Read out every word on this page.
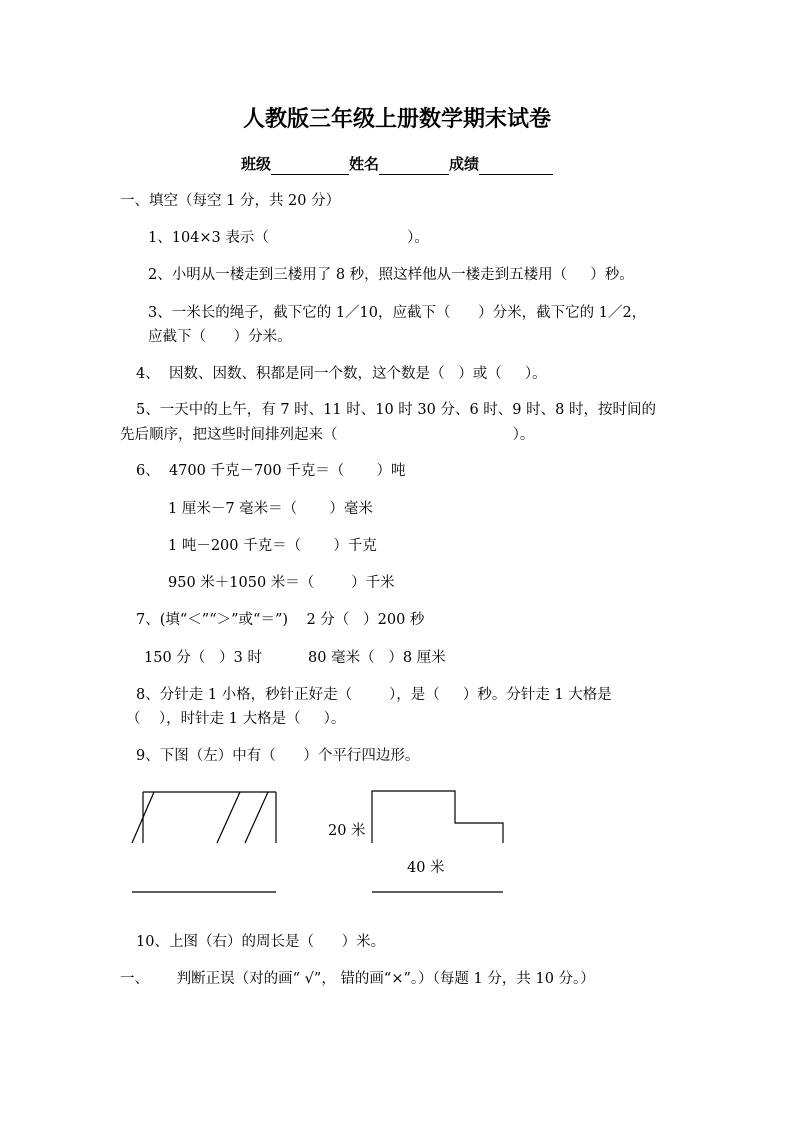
人教版三年级上册数学期末试卷
班级	姓名	成绩
一、填空（每空 1 分，共 20 分）
1、104×3 表示（                              ）。
2、小明从一楼走到三楼用了 8 秒，照这样他从一楼走到五楼用（     ）秒。
3、一米长的绳子，截下它的 1／10，应截下（      ）分米，截下它的 1／2，
应截下（      ）分米。
4、  因数、因数、积都是同一个数，这个数是（   ）或（     ）。
5、一天中的上午，有 7 时、11 时、10 时 30 分、6 时、9 时、8 时，按时间的
先后顺序，把这些时间排列起来（                                      ）。
6、  4700 千克－700 千克＝（       ）吨
1 厘米－7 毫米＝（       ）毫米
1 吨－200 千克＝（       ）千克
950 米＋1050 米＝（        ）千米
7、(填“＜”“＞”或“＝”)    2 分（   ）200 秒
150 分（   ）3 时          80 毫米（   ）8 厘米
8、分针走 1 小格，秒针正好走（        ），是（     ）秒。分针走 1 大格是
（    ），时针走 1 大格是（     ）。
9、下图（左）中有（      ）个平行四边形。
20 米
40 米
10、上图（右）的周长是（      ）米。
一、      判断正误（对的画“ √”， 错的画“×”。）（每题 1 分，共 10 分。）
